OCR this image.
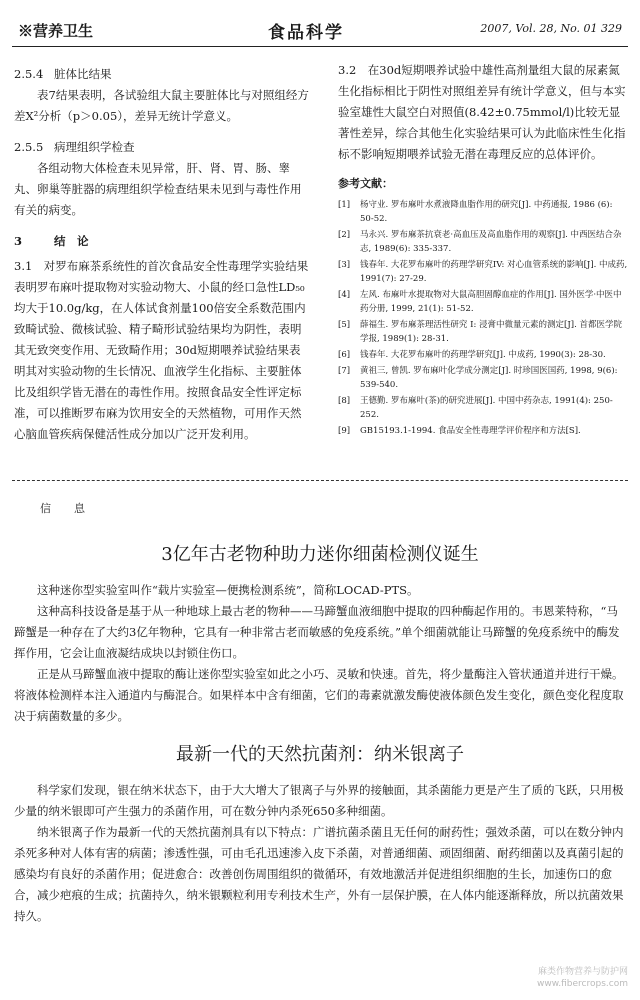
※营养卫生	食品科学	2007, Vol. 28, No. 01 329

2.5.4 脏体比结果

表7结果表明，各试验组大鼠主要脏体比与对照组经方差X²分析（p＞0.05），差异无统计学意义。

2.5.5 病理组织学检查

各组动物大体检查未见异常，肝、肾、胃、肠、睾丸、卵巢等脏器的病理组织学检查结果未见到与毒性作用有关的病变。

3	结　论

3.1　对罗布麻茶系统性的首次食品安全性毒理学实验结果表明罗布麻叶提取物对实验动物大、小鼠的经口急性LD₅₀均大于10.0g/kg，在人体试食剂量100倍安全系数范围内致畸试验、微核试验、精子畸形试验结果均为阴性，表明其无致突变作用、无致畸作用；30d短期喂养试验结果表明其对实验动物的生长情况、血液学生化指标、主要脏体比及组织学皆无潜在的毒性作用。按照食品安全性评定标准，可以推断罗布麻为饮用安全的天然植物，可用作天然心脑血管疾病保健活性成分加以广泛开发利用。

3.2　在30d短期喂养试验中雄性高剂量组大鼠的尿素氮生化指标相比于阴性对照组差异有统计学意义，但与本实验室雄性大鼠空白对照值(8.42±0.75mmol/l)比较无显著性差异，综合其他生化实验结果可认为此临床性生化指标不影响短期喂养试验无潜在毒理反应的总体评价。

参考文献：

[1] 杨守业. 罗布麻叶水煮液降血脂作用的研究[J]. 中药通报, 1986 (6): 50-52.
[2] 马永兴. 罗布麻茶抗衰老·高血压及高血脂作用的观察[J]. 中西医结合杂志, 1989(6): 335-337.
[3] 钱春年. 大花罗布麻叶的药理学研究IV: 对心血管系统的影响[J]. 中成药, 1991(7): 27-29.
[4] 左风. 布麻叶水提取物对大鼠高胆固醇血症的作用[J]. 国外医学·中医中药分册, 1999, 21(1): 51-52.
[5] 薛福生. 罗布麻茶理活性研究 I: 浸膏中微量元素的测定[J]. 首都医学院学报, 1989(1): 28-31.
[6] 钱春年. 大花罗布麻叶的药理学研究[J]. 中成药, 1990(3): 28-30.
[7] 黄祖三, 曾凯. 罗布麻叶化学成分测定[J]. 时珍国医国药, 1998, 9(6): 539-540.
[8] 王德勤. 罗布麻叶(茶)的研究进展[J]. 中国中药杂志, 1991(4): 250-252.
[9] GB15193.1-1994. 食品安全性毒理学评价程序和方法[S].
信　息
3亿年古老物种助力迷你细菌检测仪诞生

这种迷你型实验室叫作“载片实验室—便携检测系统”，简称LOCAD-PTS。

这种高科技设备是基于从一种地球上最古老的物种——马蹄蟹血液细胞中提取的四种酶起作用的。韦恩莱特称，“马蹄蟹是一种存在了大约3亿年物种，它具有一种非常古老而敏感的免疫系统。”单个细菌就能让马蹄蟹的免疫系统中的酶发挥作用，它会让血液凝结成块以封锁住伤口。

正是从马蹄蟹血液中提取的酶让迷你型实验室如此之小巧、灵敏和快速。首先，将少量酶注入管状通道并进行干燥。将液体检测样本注入通道内与酶混合。如果样本中含有细菌，它们的毒素就激发酶使液体颜色发生变化，颜色变化程度取决于病菌数量的多少。

最新一代的天然抗菌剂：纳米银离子

科学家们发现，银在纳米状态下，由于大大增大了银离子与外界的接触面，其杀菌能力更是产生了质的飞跃，只用极少量的纳米银即可产生强力的杀菌作用，可在数分钟内杀死650多种细菌。

纳米银离子作为最新一代的天然抗菌剂具有以下特点：广谱抗菌杀菌且无任何的耐药性；强效杀菌，可以在数分钟内杀死多种对人体有害的病菌；渗透性强，可由毛孔迅速渗入皮下杀菌，对普通细菌、顽固细菌、耐药细菌以及真菌引起的感染均有良好的杀菌作用；促进愈合：改善创伤周围组织的微循环，有效地激活并促进组织细胞的生长，加速伤口的愈合，减少疤痕的生成；抗菌持久，纳米银颗粒利用专利技术生产，外有一层保护膜，在人体内能逐渐释放，所以抗菌效果持久。

麻类作物营养与防护网
www.fibercrops.com
